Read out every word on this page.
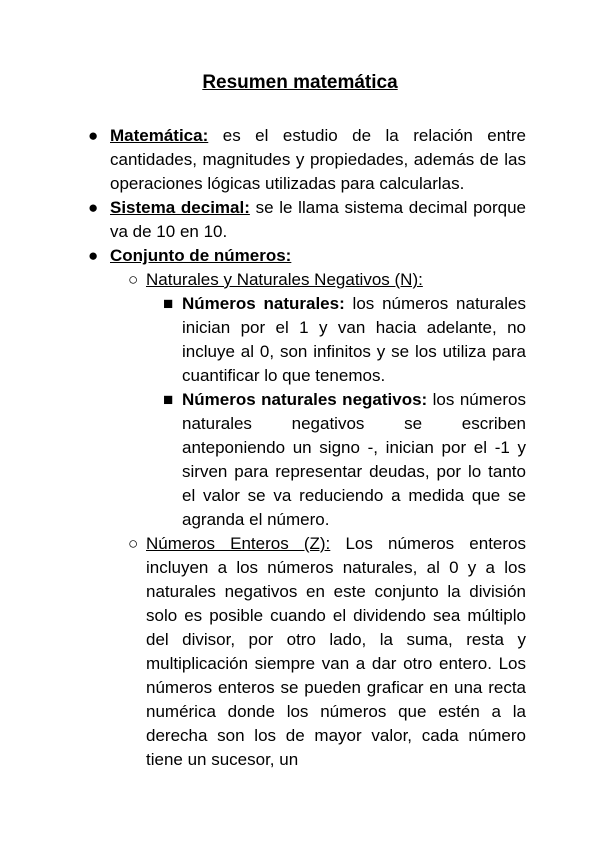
Resumen matemática
● Matemática: es el estudio de la relación entre cantidades, magnitudes y propiedades, además de las operaciones lógicas utilizadas para calcularlas.
● Sistema decimal: se le llama sistema decimal porque va de 10 en 10.
● Conjunto de números:
○ Naturales y Naturales Negativos (N):
■ Números naturales: los números naturales inician por el 1 y van hacia adelante, no incluye al 0, son infinitos y se los utiliza para cuantificar lo que tenemos.
■ Números naturales negativos: los números naturales negativos se escriben anteponiendo un signo -, inician por el -1 y sirven para representar deudas, por lo tanto el valor se va reduciendo a medida que se agranda el número.
○ Números Enteros (Z): Los números enteros incluyen a los números naturales, al 0 y a los naturales negativos en este conjunto la división solo es posible cuando el dividendo sea múltiplo del divisor, por otro lado, la suma, resta y multiplicación siempre van a dar otro entero. Los números enteros se pueden graficar en una recta numérica donde los números que estén a la derecha son los de mayor valor, cada número tiene un sucesor, un
